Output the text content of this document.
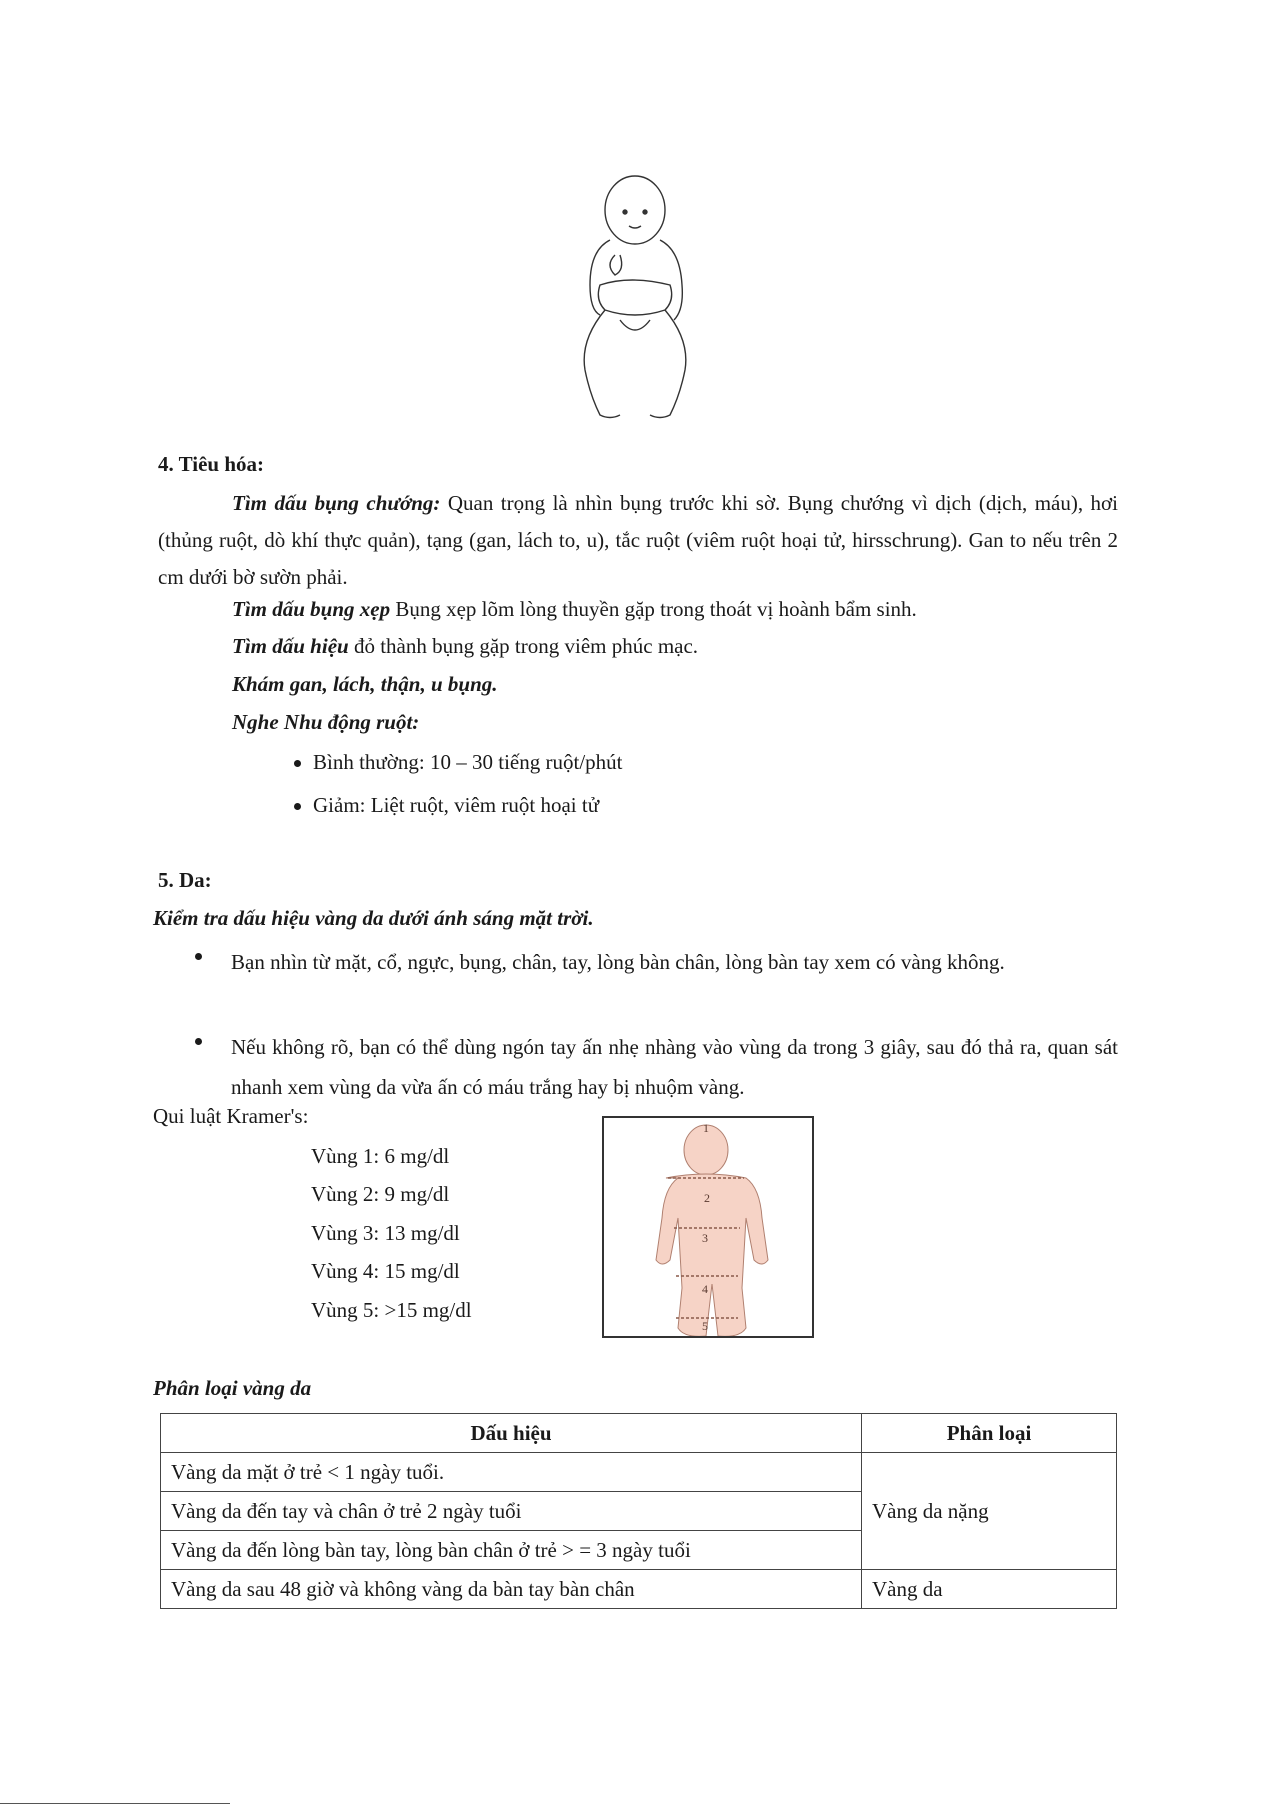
4. Tiêu hóa:
Tìm dấu bụng chướng: Quan trọng là nhìn bụng trước khi sờ. Bụng chướng vì dịch (dịch, máu), hơi (thủng ruột, dò khí thực quản), tạng (gan, lách to, u), tắc ruột (viêm ruột hoại tử, hirsschrung). Gan to nếu trên 2 cm dưới bờ sườn phải.
Tìm dấu bụng xẹp Bụng xẹp lõm lòng thuyền gặp trong thoát vị hoành bẩm sinh.
Tìm dấu hiệu đỏ thành bụng gặp trong viêm phúc mạc.
Khám gan, lách, thận, u bụng.
Nghe Nhu động ruột:
Bình thường: 10 – 30 tiếng ruột/phút
Giảm: Liệt ruột, viêm ruột hoại tử
5. Da:
Kiểm tra dấu hiệu vàng da dưới ánh sáng mặt trời.
Bạn nhìn từ mặt, cổ, ngực, bụng, chân, tay, lòng bàn chân, lòng bàn tay xem có vàng không.
Nếu không rõ, bạn có thể dùng ngón tay ấn nhẹ nhàng vào vùng da trong 3 giây, sau đó thả ra, quan sát nhanh xem vùng da vừa ấn có máu trắng hay bị nhuộm vàng.
Qui luật Kramer's:
Vùng 1: 6 mg/dl
Vùng 2: 9 mg/dl
Vùng 3: 13 mg/dl
Vùng 4: 15 mg/dl
Vùng 5: >15 mg/dl
1
2
3
4
5
Phân loại vàng da
Dấu hiệu	Phân loại
Vàng da mặt ở trẻ < 1 ngày tuổi.	Vàng da nặng
Vàng da đến tay và chân ở trẻ 2 ngày tuổi	
Vàng da đến lòng bàn tay, lòng bàn chân ở trẻ > = 3 ngày tuổi	
Vàng da sau 48 giờ và không vàng da bàn tay bàn chân	Vàng da
